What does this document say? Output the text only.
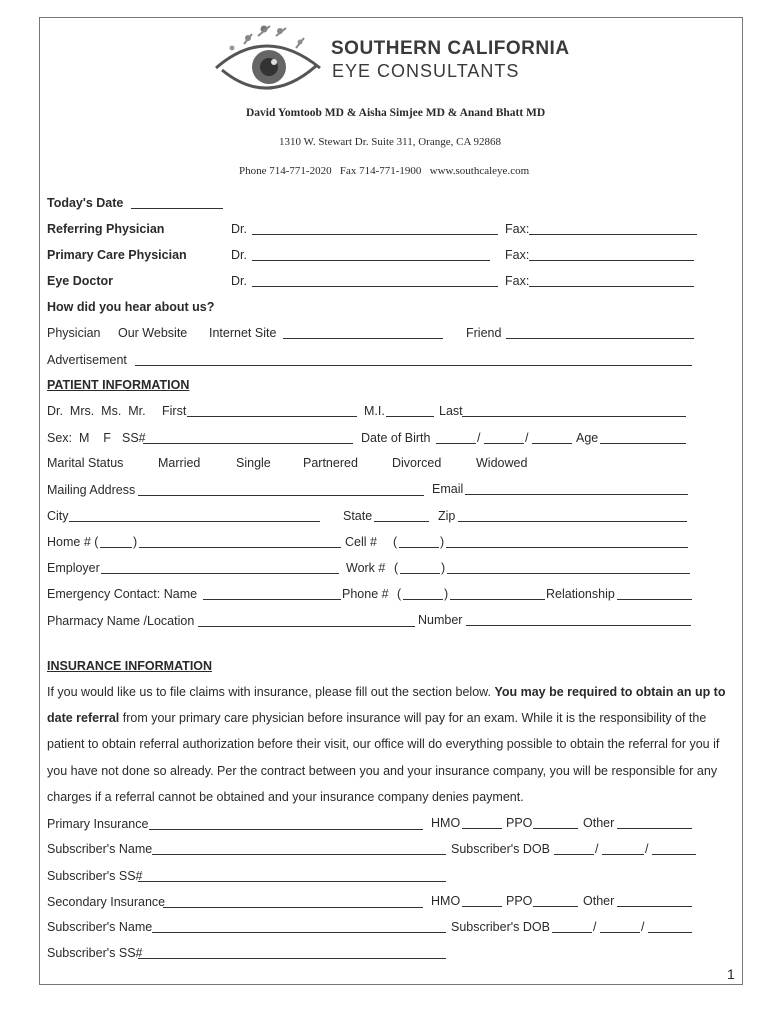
SOUTHERN CALIFORNIA
EYE CONSULTANTS
David Yomtoob MD & Aisha Simjee MD & Anand Bhatt MD
1310 W. Stewart Dr. Suite 311, Orange, CA 92868
Phone 714-771-2020   Fax 714-771-1900   www.southcaleye.com
Today's Date
Referring Physician	Dr.	Fax:
Primary Care Physician	Dr.	Fax:
Eye Doctor	Dr.	Fax:
How did you hear about us?
Physician Our Website Internet Site	Friend
Advertisement
PATIENT INFORMATION
Dr.  Mrs.  Ms.  Mr. First	M.I.	Last
Sex:  M    F SS#	Date of Birth	/	/	Age
Marital Status	Married	Single	Partnered	Divorced	Widowed
Mailing Address	Email
City	State	Zip
Home # (	)	Cell # (	)
Employer	Work # (	)
Emergency Contact: Name	Phone # (	)	Relationship
Pharmacy Name /Location	Number
INSURANCE INFORMATION
If you would like us to file claims with insurance, please fill out the section below. You may be required to obtain an up to date referral from your primary care physician before insurance will pay for an exam. While it is the responsibility of the patient to obtain referral authorization before their visit, our office will do everything possible to obtain the referral for you if you have not done so already. Per the contract between you and your insurance company, you will be responsible for any charges if a referral cannot be obtained and your insurance company denies payment.
Primary Insurance	HMO	PPO	Other
Subscriber's Name	Subscriber's DOB	/	/
Subscriber's SS#
Secondary Insurance	HMO	PPO	Other
Subscriber's Name	Subscriber's DOB	/	/
Subscriber's SS#
1
